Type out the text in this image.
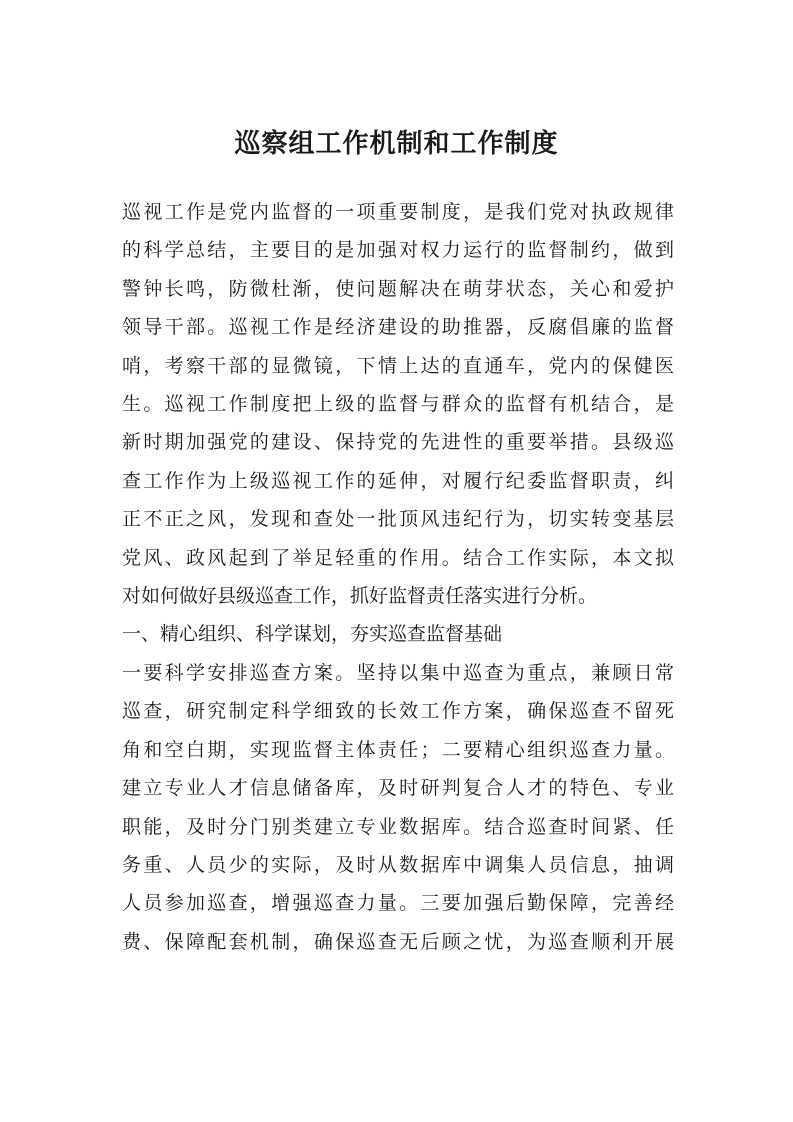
巡察组工作机制和工作制度

巡视工作是党内监督的一项重要制度，是我们党对执政规律
的科学总结，主要目的是加强对权力运行的监督制约，做到
警钟长鸣，防微杜渐，使问题解决在萌芽状态，关心和爱护
领导干部。巡视工作是经济建设的助推器，反腐倡廉的监督
哨，考察干部的显微镜，下情上达的直通车，党内的保健医
生。巡视工作制度把上级的监督与群众的监督有机结合，是
新时期加强党的建设、保持党的先进性的重要举措。县级巡
查工作作为上级巡视工作的延伸，对履行纪委监督职责，纠
正不正之风，发现和查处一批顶风违纪行为，切实转变基层
党风、政风起到了举足轻重的作用。结合工作实际，本文拟
对如何做好县级巡查工作，抓好监督责任落实进行分析。

一、精心组织、科学谋划，夯实巡查监督基础

一要科学安排巡查方案。坚持以集中巡查为重点，兼顾日常
巡查，研究制定科学细致的长效工作方案，确保巡查不留死
角和空白期，实现监督主体责任；二要精心组织巡查力量。
建立专业人才信息储备库，及时研判复合人才的特色、专业
职能，及时分门别类建立专业数据库。结合巡查时间紧、任
务重、人员少的实际，及时从数据库中调集人员信息，抽调
人员参加巡查，增强巡查力量。三要加强后勤保障，完善经
费、保障配套机制，确保巡查无后顾之忧，为巡查顺利开展
